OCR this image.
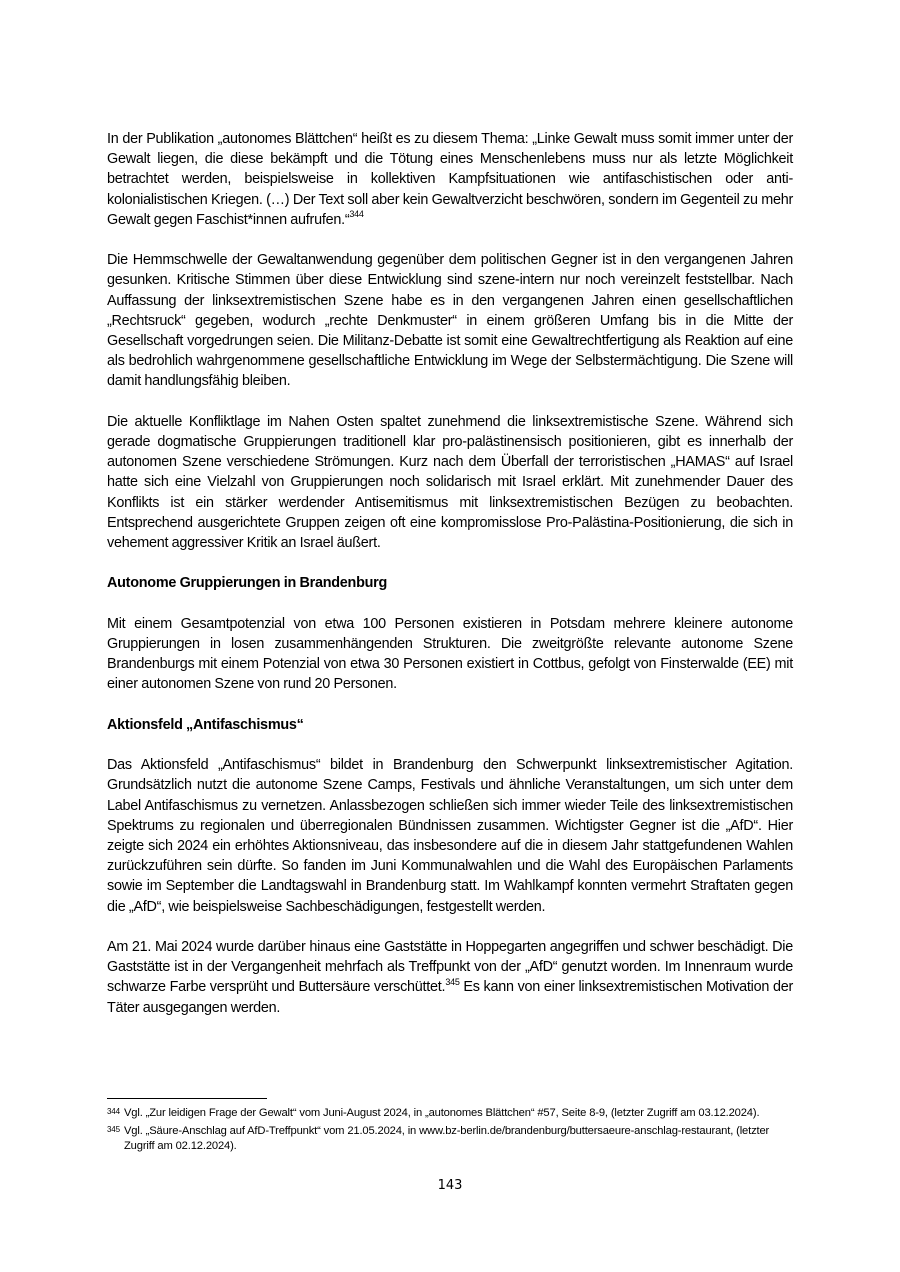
In der Publikation „autonomes Blättchen“ heißt es zu diesem Thema: „Linke Gewalt muss somit immer unter der Gewalt liegen, die diese bekämpft und die Tötung eines Menschenlebens muss nur als letzte Möglichkeit betrachtet werden, beispielsweise in kollektiven Kampfsituationen wie antifaschistischen oder anti-kolonialistischen Kriegen. (…) Der Text soll aber kein Gewaltverzicht beschwören, sondern im Gegenteil zu mehr Gewalt gegen Faschist*innen aufrufen.“$^{344}$

Die Hemmschwelle der Gewaltanwendung gegenüber dem politischen Gegner ist in den vergangenen Jahren gesunken. Kritische Stimmen über diese Entwicklung sind szene-intern nur noch vereinzelt feststellbar. Nach Auffassung der linksextremistischen Szene habe es in den vergangenen Jahren einen gesellschaftlichen „Rechtsruck“ gegeben, wodurch „rechte Denkmuster“ in einem größeren Umfang bis in die Mitte der Gesellschaft vorgedrungen seien. Die Militanz-Debatte ist somit eine Gewaltrechtfertigung als Reaktion auf eine als bedrohlich wahrgenommene gesellschaftliche Entwicklung im Wege der Selbstermächtigung. Die Szene will damit handlungsfähig bleiben.

Die aktuelle Konfliktlage im Nahen Osten spaltet zunehmend die linksextremistische Szene. Während sich gerade dogmatische Gruppierungen traditionell klar pro-palästinensisch positionieren, gibt es innerhalb der autonomen Szene verschiedene Strömungen. Kurz nach dem Überfall der terroristischen „HAMAS“ auf Israel hatte sich eine Vielzahl von Gruppierungen noch solidarisch mit Israel erklärt. Mit zunehmender Dauer des Konflikts ist ein stärker werdender Antisemitismus mit linksextremistischen Bezügen zu beobachten. Entsprechend ausgerichtete Gruppen zeigen oft eine kompromisslose Pro-Palästina-Positionierung, die sich in vehement aggressiver Kritik an Israel äußert.

Autonome Gruppierungen in Brandenburg

Mit einem Gesamtpotenzial von etwa 100 Personen existieren in Potsdam mehrere kleinere autonome Gruppierungen in losen zusammenhängenden Strukturen. Die zweitgrößte relevante autonome Szene Brandenburgs mit einem Potenzial von etwa 30 Personen existiert in Cottbus, gefolgt von Finsterwalde (EE) mit einer autonomen Szene von rund 20 Personen.

Aktionsfeld „Antifaschismus“

Das Aktionsfeld „Antifaschismus“ bildet in Brandenburg den Schwerpunkt linksextremistischer Agitation. Grundsätzlich nutzt die autonome Szene Camps, Festivals und ähnliche Veranstaltungen, um sich unter dem Label Antifaschismus zu vernetzen. Anlassbezogen schließen sich immer wieder Teile des linksextremistischen Spektrums zu regionalen und überregionalen Bündnissen zusammen. Wichtigster Gegner ist die „AfD“. Hier zeigte sich 2024 ein erhöhtes Aktionsniveau, das insbesondere auf die in diesem Jahr stattgefundenen Wahlen zurückzuführen sein dürfte. So fanden im Juni Kommunalwahlen und die Wahl des Europäischen Parlaments sowie im September die Landtagswahl in Brandenburg statt. Im Wahlkampf konnten vermehrt Straftaten gegen die „AfD“, wie beispielsweise Sachbeschädigungen, festgestellt werden.

Am 21. Mai 2024 wurde darüber hinaus eine Gaststätte in Hoppegarten angegriffen und schwer beschädigt. Die Gaststätte ist in der Vergangenheit mehrfach als Treffpunkt von der „AfD“ genutzt worden. Im Innenraum wurde schwarze Farbe versprüht und Buttersäure verschüttet.$^{345}$ Es kann von einer linksextremistischen Motivation der Täter ausgegangen werden.

344 Vgl. „Zur leidigen Frage der Gewalt“ vom Juni-August 2024, in „autonomes Blättchen“ #57, Seite 8-9, (letzter Zugriff am 03.12.2024).
345 Vgl. „Säure-Anschlag auf AfD-Treffpunkt“ vom 21.05.2024, in www.bz-berlin.de/brandenburg/buttersaeure-anschlag-restaurant, (letzter Zugriff am 02.12.2024).
143
